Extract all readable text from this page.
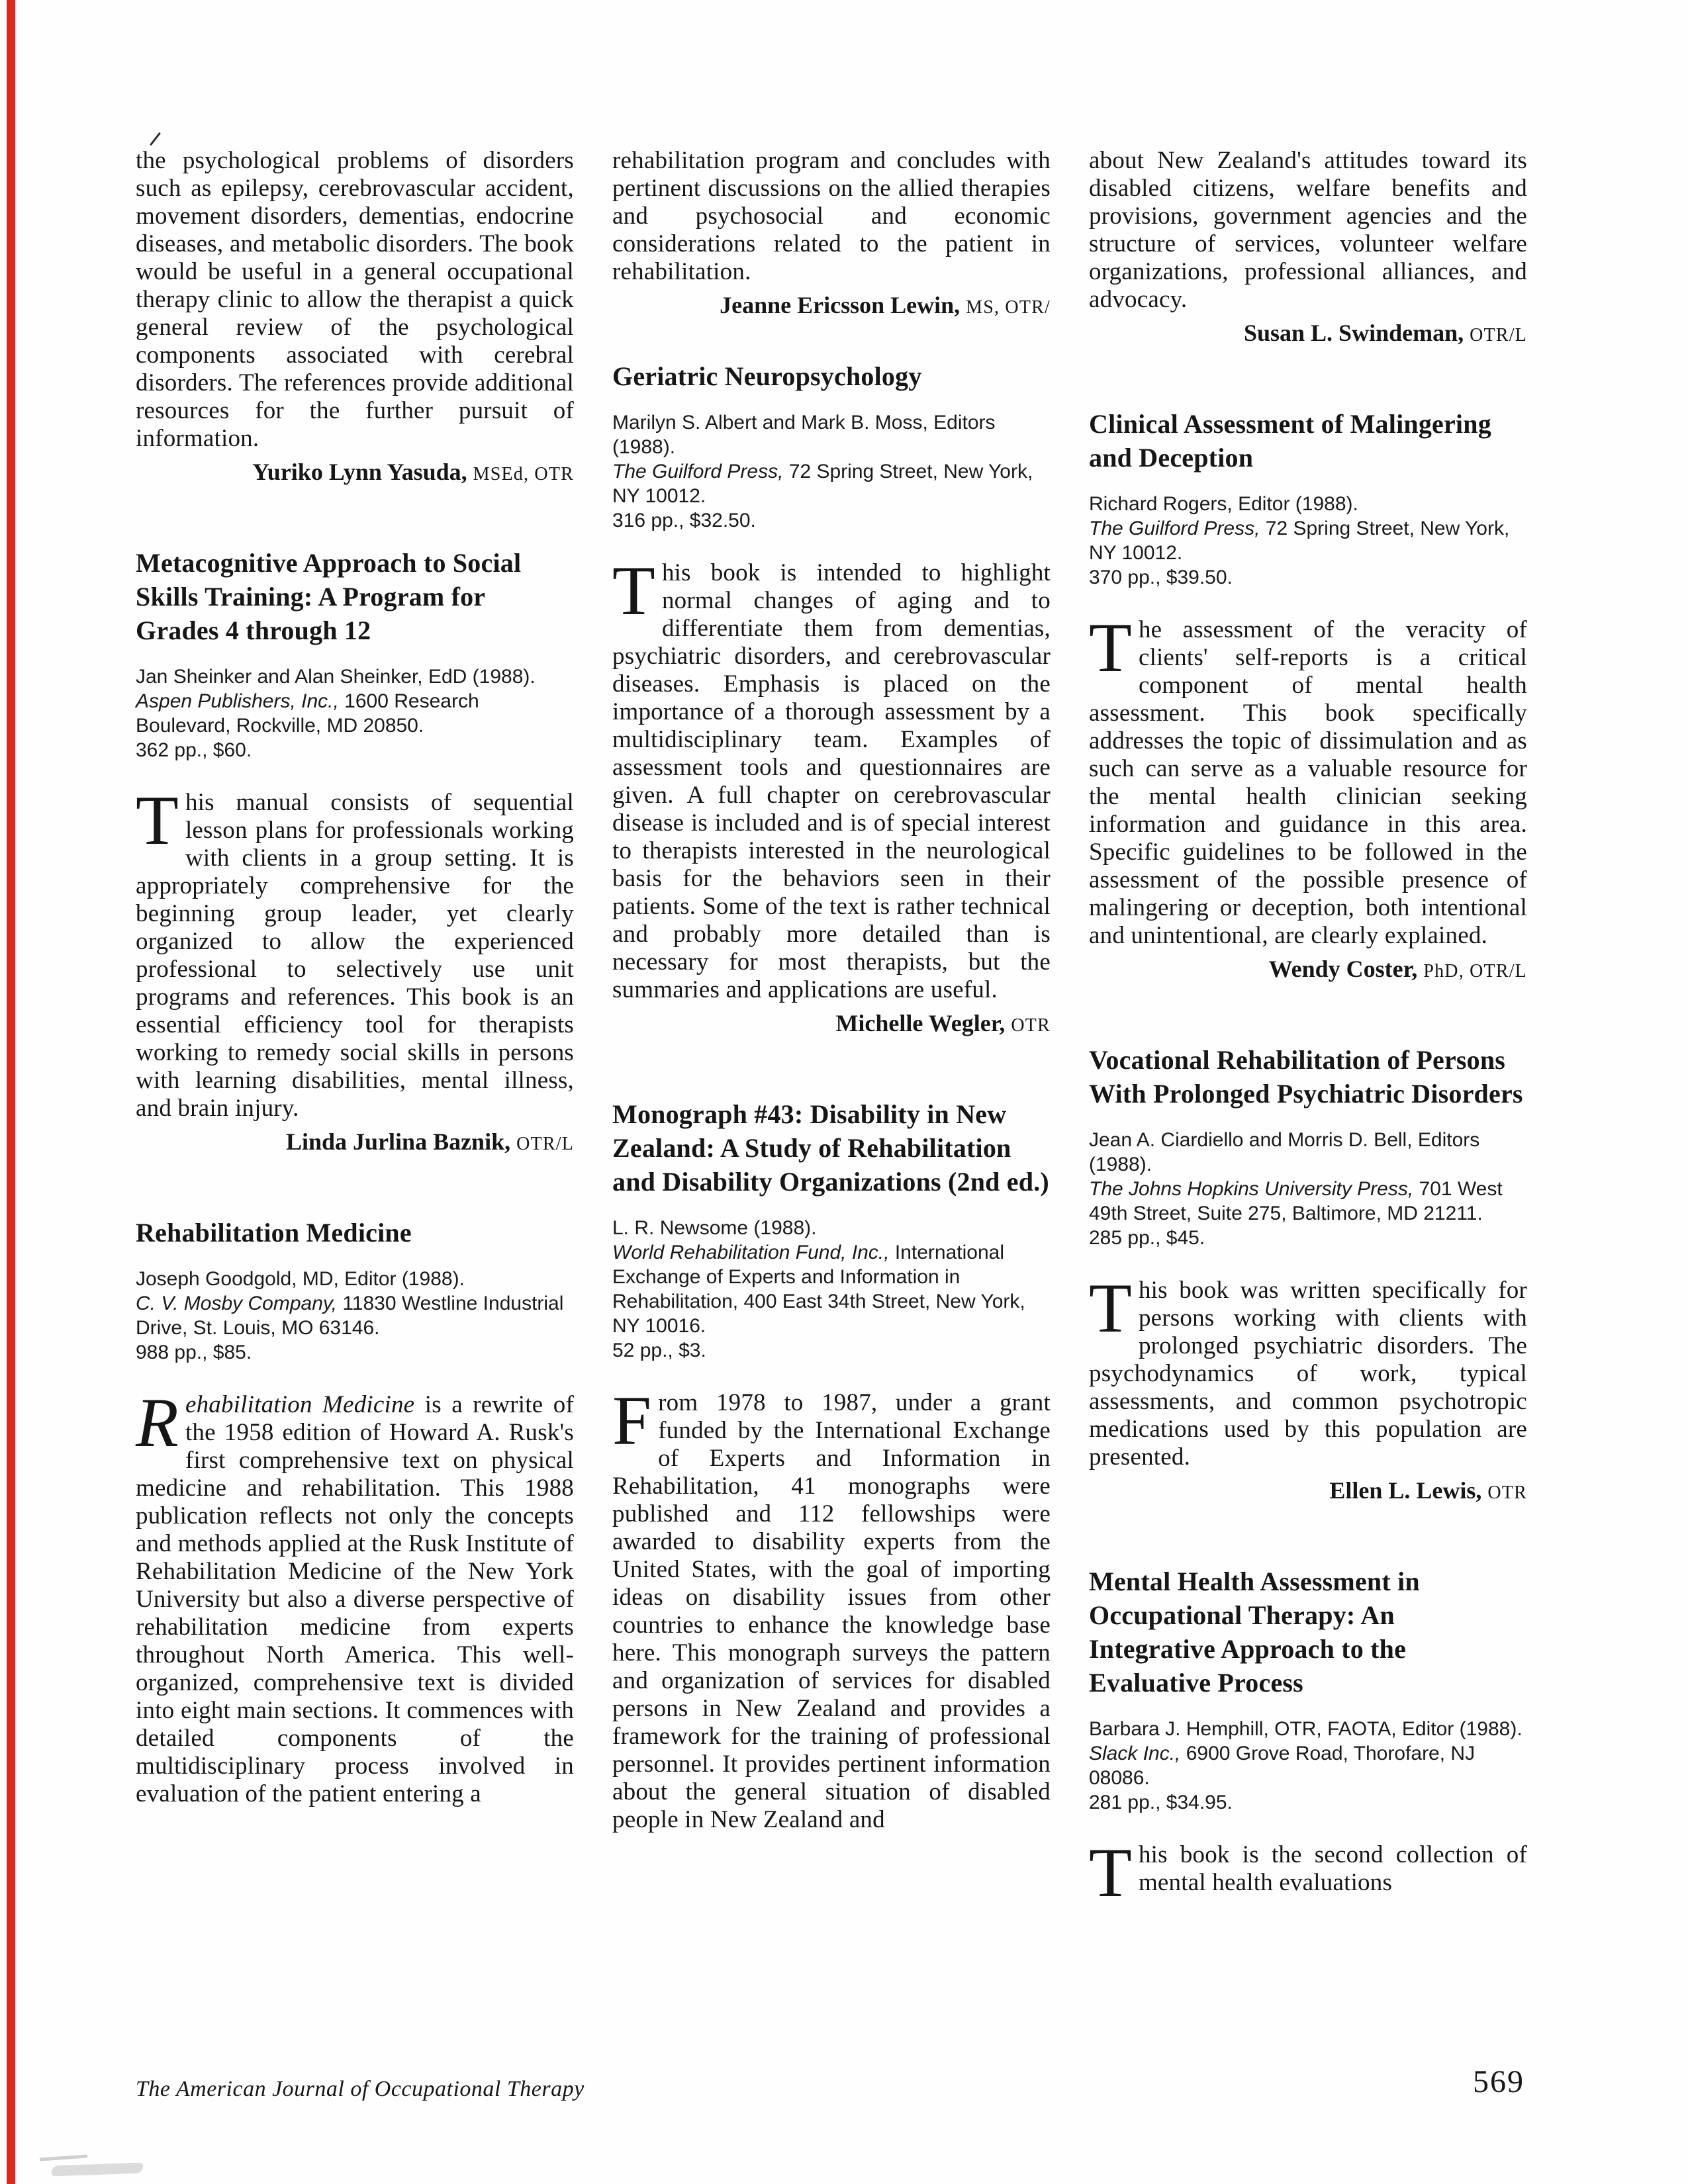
the psychological problems of disorders such as epilepsy, cerebrovascular accident, movement disorders, dementias, endocrine diseases, and metabolic disorders. The book would be useful in a general occupational therapy clinic to allow the therapist a quick general review of the psychological components associated with cerebral disorders. The references provide additional resources for the further pursuit of information.

Yuriko Lynn Yasuda, MSEd, OTR
Metacognitive Approach to Social Skills Training: A Program for Grades 4 through 12
Jan Sheinker and Alan Sheinker, EdD (1988).
Aspen Publishers, Inc., 1600 Research Boulevard, Rockville, MD 20850.
362 pp., $60.

This manual consists of sequential lesson plans for professionals working with clients in a group setting. It is appropriately comprehensive for the beginning group leader, yet clearly organized to allow the experienced professional to selectively use unit programs and references. This book is an essential efficiency tool for therapists working to remedy social skills in persons with learning disabilities, mental illness, and brain injury.

Linda Jurlina Baznik, OTR/L
Rehabilitation Medicine
Joseph Goodgold, MD, Editor (1988).
C. V. Mosby Company, 11830 Westline Industrial Drive, St. Louis, MO 63146.
988 pp., $85.

Rehabilitation Medicine is a rewrite of the 1958 edition of Howard A. Rusk's first comprehensive text on physical medicine and rehabilitation. This 1988 publication reflects not only the concepts and methods applied at the Rusk Institute of Rehabilitation Medicine of the New York University but also a diverse perspective of rehabilitation medicine from experts throughout North America. This well-organized, comprehensive text is divided into eight main sections. It commences with detailed components of the multidisciplinary process involved in evaluation of the patient entering a

rehabilitation program and concludes with pertinent discussions on the allied therapies and psychosocial and economic considerations related to the patient in rehabilitation.

Jeanne Ericsson Lewin, MS, OTR/
Geriatric Neuropsychology
Marilyn S. Albert and Mark B. Moss, Editors (1988).
The Guilford Press, 72 Spring Street, New York, NY 10012.
316 pp., $32.50.

This book is intended to highlight normal changes of aging and to differentiate them from dementias, psychiatric disorders, and cerebrovascular diseases. Emphasis is placed on the importance of a thorough assessment by a multidisciplinary team. Examples of assessment tools and questionnaires are given. A full chapter on cerebrovascular disease is included and is of special interest to therapists interested in the neurological basis for the behaviors seen in their patients. Some of the text is rather technical and probably more detailed than is necessary for most therapists, but the summaries and applications are useful.

Michelle Wegler, OTR
Monograph #43: Disability in New Zealand: A Study of Rehabilitation and Disability Organizations (2nd ed.)
L. R. Newsome (1988).
World Rehabilitation Fund, Inc., International Exchange of Experts and Information in Rehabilitation, 400 East 34th Street, New York, NY 10016.
52 pp., $3.

From 1978 to 1987, under a grant funded by the International Exchange of Experts and Information in Rehabilitation, 41 monographs were published and 112 fellowships were awarded to disability experts from the United States, with the goal of importing ideas on disability issues from other countries to enhance the knowledge base here. This monograph surveys the pattern and organization of services for disabled persons in New Zealand and provides a framework for the training of professional personnel. It provides pertinent information about the general situation of disabled people in New Zealand and

about New Zealand's attitudes toward its disabled citizens, welfare benefits and provisions, government agencies and the structure of services, volunteer welfare organizations, professional alliances, and advocacy.

Susan L. Swindeman, OTR/L
Clinical Assessment of Malingering and Deception
Richard Rogers, Editor (1988).
The Guilford Press, 72 Spring Street, New York, NY 10012.
370 pp., $39.50.

The assessment of the veracity of clients' self-reports is a critical component of mental health assessment. This book specifically addresses the topic of dissimulation and as such can serve as a valuable resource for the mental health clinician seeking information and guidance in this area. Specific guidelines to be followed in the assessment of the possible presence of malingering or deception, both intentional and unintentional, are clearly explained.

Wendy Coster, PhD, OTR/L
Vocational Rehabilitation of Persons With Prolonged Psychiatric Disorders
Jean A. Ciardiello and Morris D. Bell, Editors (1988).
The Johns Hopkins University Press, 701 West 49th Street, Suite 275, Baltimore, MD 21211.
285 pp., $45.

This book was written specifically for persons working with clients with prolonged psychiatric disorders. The psychodynamics of work, typical assessments, and common psychotropic medications used by this population are presented.

Ellen L. Lewis, OTR
Mental Health Assessment in Occupational Therapy: An Integrative Approach to the Evaluative Process
Barbara J. Hemphill, OTR, FAOTA, Editor (1988).
Slack Inc., 6900 Grove Road, Thorofare, NJ 08086.
281 pp., $34.95.

This book is the second collection of mental health evaluations

The American Journal of Occupational Therapy	569
